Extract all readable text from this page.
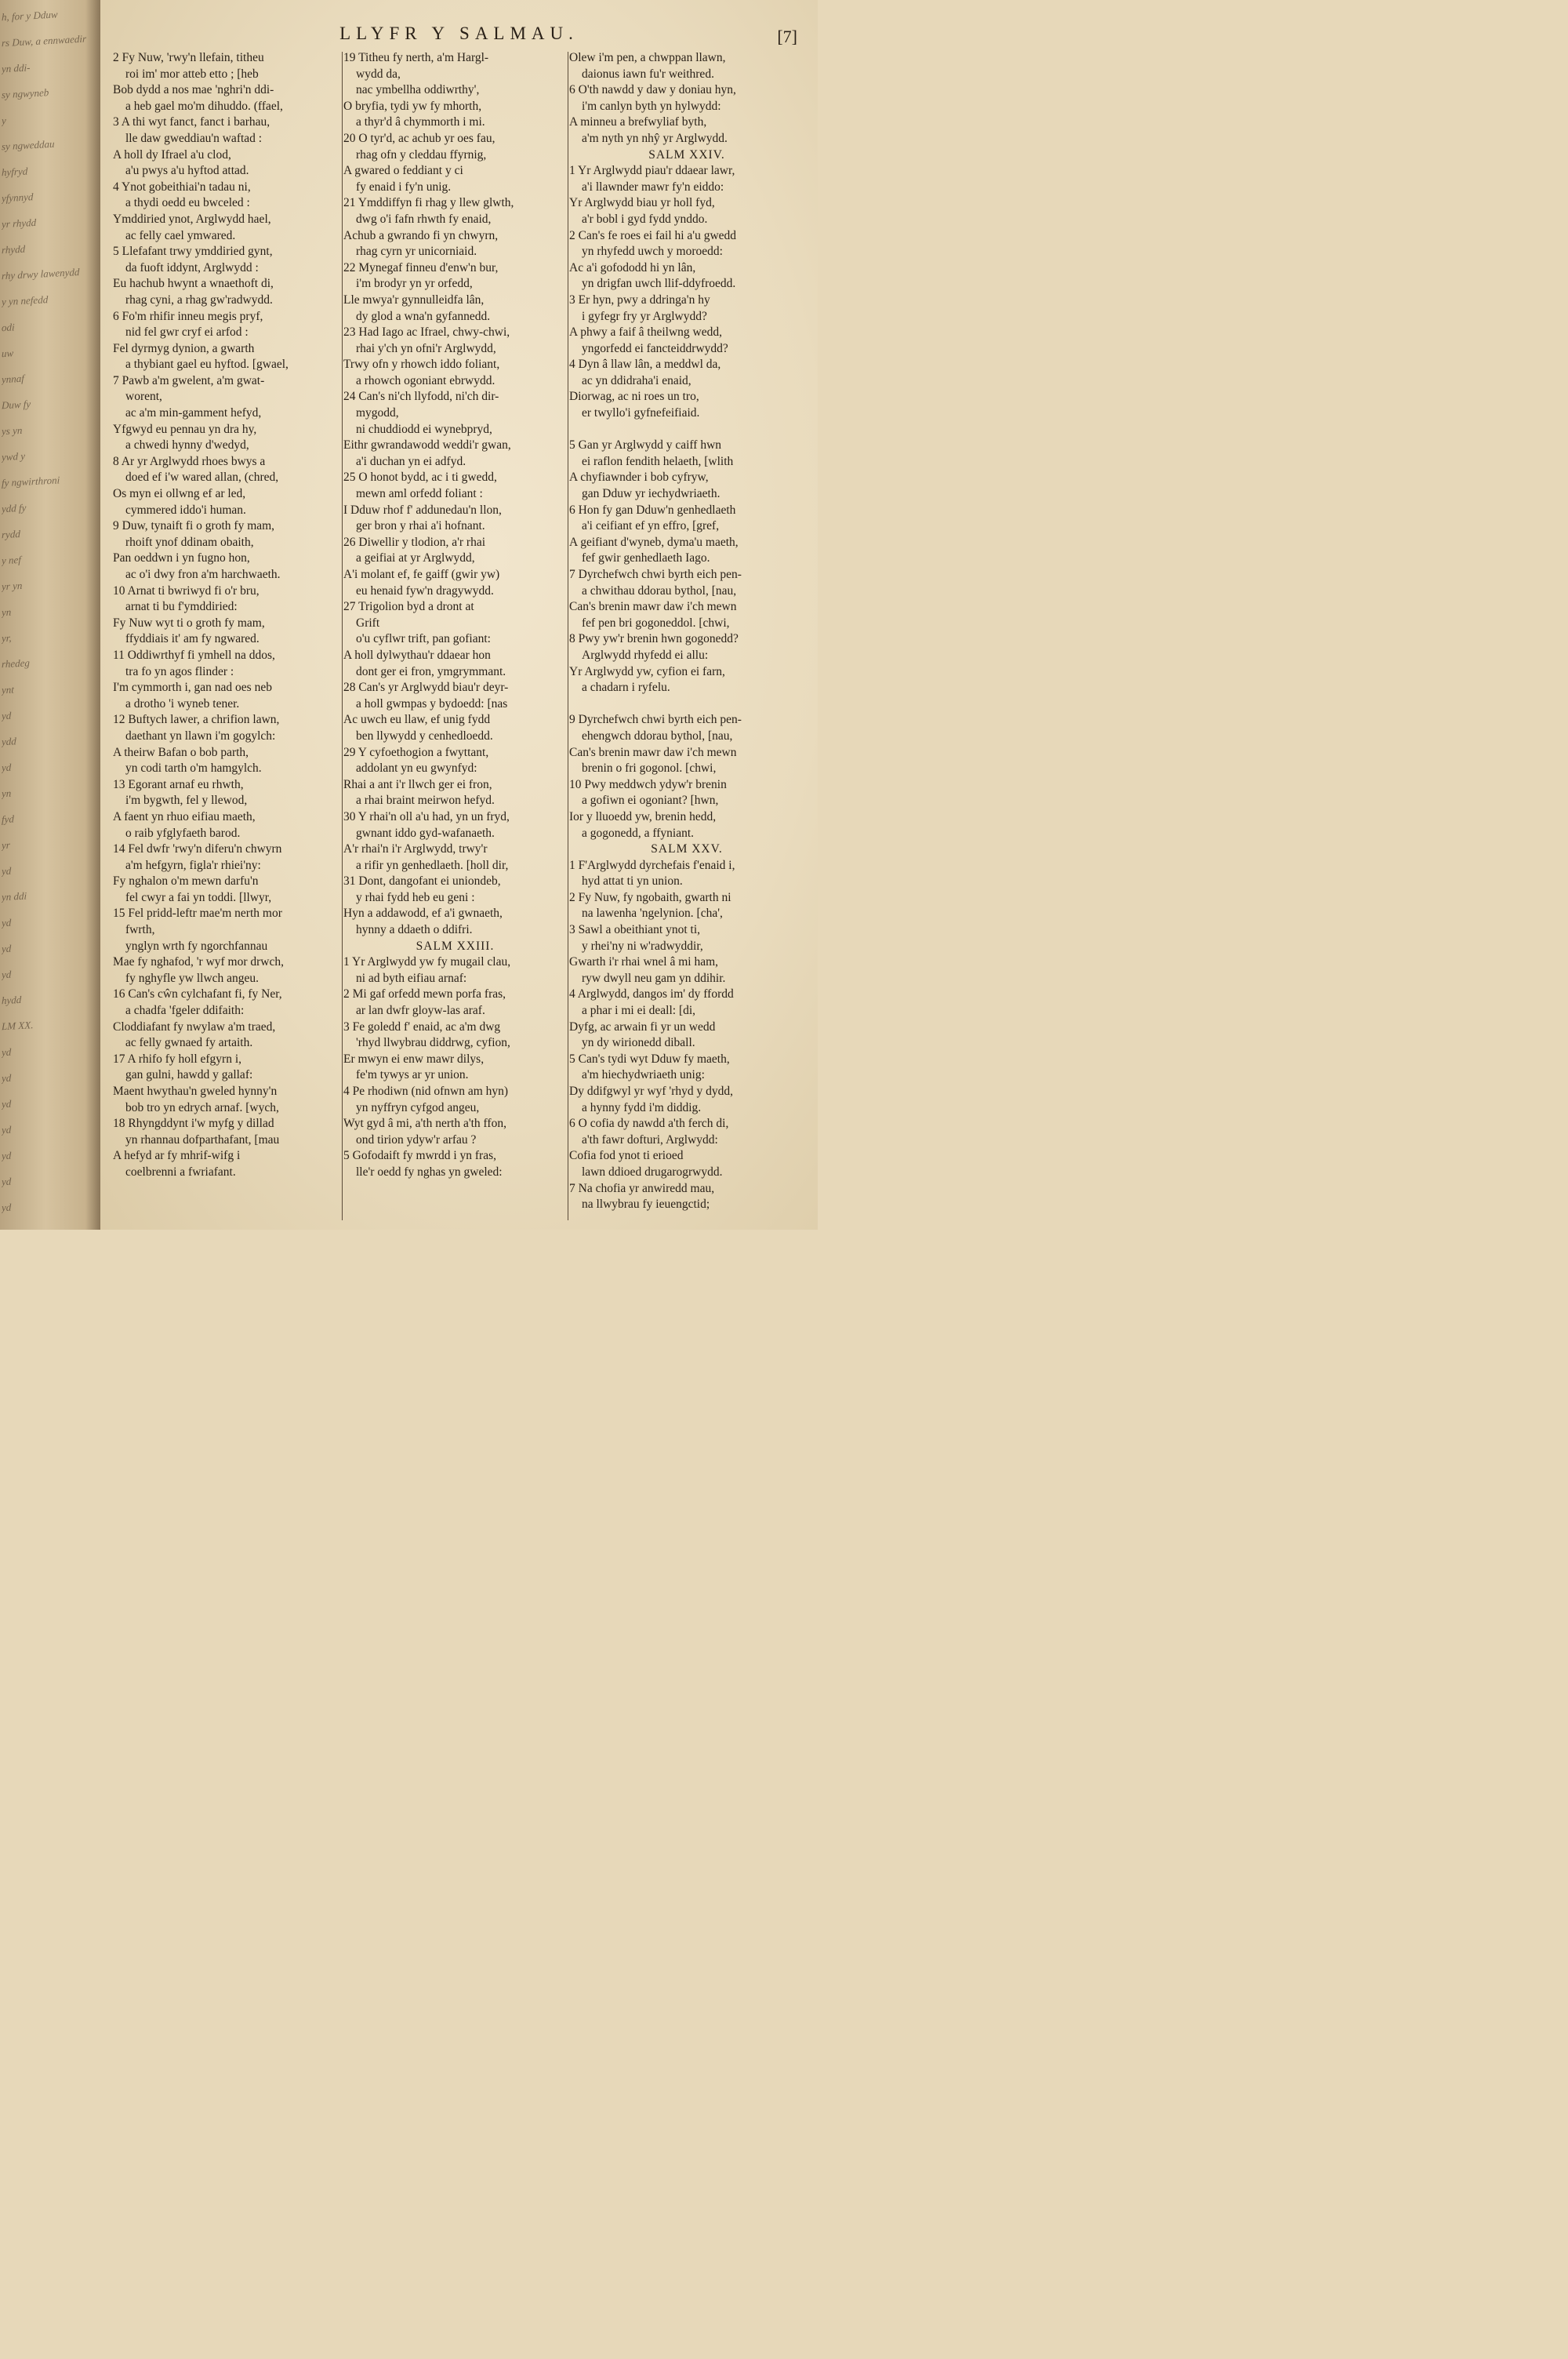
h, for y Dduw
rs Duw, a ennwaedir
yn ddi-
sy ngwyneb
y
sy ngweddau
hyfryd
yfynnyd
yr rhydd
rhydd
rhy drwy lawenydd
y yn nefedd
odi
uw
ynnaf
Duw fy
ys yn
ywd y
fy ngwirthroni
ydd fy
rydd
y nef
yr yn
yn
yr,
rhedeg
ynt
yd
ydd
yd
yn
fyd
yr
yd
yn ddi
yd
yd
yd
hydd
LM XX.
yd
yd
yd
yd
yd
yd
yd
LLYFR Y SALMAU.	[7]
2 Fy Nuw, 'rwy'n llefain, titheu
roi im' mor atteb etto ; [heb
Bob dydd a nos mae 'nghri'n ddi-
a heb gael mo'm dihuddo. (ffael,
3 A thi wyt fanct, fanct i barhau,
lle daw gweddiau'n waftad :
A holl dy Ifrael a'u clod,
a'u pwys a'u hyftod attad.
4 Ynot gobeithiai'n tadau ni,
a thydi oedd eu bwceled :
Ymddiried ynot, Arglwydd hael,
ac felly cael ymwared.
5 Llefafant trwy ymddiried gynt,
da fuoft iddynt, Arglwydd :
Eu hachub hwynt a wnaethoft di,
rhag cyni, a rhag gw'radwydd.
6 Fo'm rhifir inneu megis pryf,
nid fel gwr cryf ei arfod :
Fel dyrmyg dynion, a gwarth
a thybiant gael eu hyftod. [gwael,
7 Pawb a'm gwelent, a'm gwat-
worent,
ac a'm min-gamment hefyd,
Yfgwyd eu pennau yn dra hy,
a chwedi hynny d'wedyd,
8 Ar yr Arglwydd rhoes bwys a
doed ef i'w wared allan, (chred,
Os myn ei ollwng ef ar led,
cymmered iddo'i human.
9 Duw, tynaift fi o groth fy mam,
rhoift ynof ddinam obaith,
Pan oeddwn i yn fugno hon,
ac o'i dwy fron a'm harchwaeth.
10 Arnat ti bwriwyd fi o'r bru,
arnat ti bu f'ymddiried:
Fy Nuw wyt ti o groth fy mam,
ffyddiais it' am fy ngwared.
11 Oddiwrthyf fi ymhell na ddos,
tra fo yn agos flinder :
I'm cymmorth i, gan nad oes neb
a drotho 'i wyneb tener.
12 Buftych lawer, a chrifion lawn,
daethant yn llawn i'm gogylch:
A theirw Bafan o bob parth,
yn codi tarth o'm hamgylch.
13 Egorant arnaf eu rhwth,
i'm bygwth, fel y llewod,
A faent yn rhuo eifiau maeth,
o raib yfglyfaeth barod.
14 Fel dwfr 'rwy'n diferu'n chwyrn
a'm hefgyrn, figla'r rhiei'ny:
Fy nghalon o'm mewn darfu'n
fel cwyr a fai yn toddi. [llwyr,
15 Fel pridd-leftr mae'm nerth mor
fwrth,
ynglyn wrth fy ngorchfannau
Mae fy nghafod, 'r wyf mor drwch,
fy nghyfle yw llwch angeu.
16 Can's cŵn cylchafant fi, fy Ner,
a chadfa 'fgeler ddifaith:
Cloddiafant fy nwylaw a'm traed,
ac felly gwnaed fy artaith.
17 A rhifo fy holl efgyrn i,
gan gulni, hawdd y gallaf:
Maent hwythau'n gweled hynny'n
bob tro yn edrych arnaf. [wych,
18 Rhyngddynt i'w myfg y dillad
yn rhannau dofparthafant, [mau
A hefyd ar fy mhrif-wifg i
coelbrenni a fwriafant.
19 Titheu fy nerth, a'm Hargl-
wydd da,
nac ymbellha oddiwrthy',
O bryfia, tydi yw fy mhorth,
a thyr'd â chymmorth i mi.
20 O tyr'd, ac achub yr oes fau,
rhag ofn y cleddau ffyrnig,
A gwared o feddiant y ci
fy enaid i fy'n unig.
21 Ymddiffyn fi rhag y llew glwth,
dwg o'i fafn rhwth fy enaid,
Achub a gwrando fi yn chwyrn,
rhag cyrn yr unicorniaid.
22 Mynegaf finneu d'enw'n bur,
i'm brodyr yn yr orfedd,
Lle mwya'r gynnulleidfa lân,
dy glod a wna'n gyfannedd.
23 Had Iago ac Ifrael, chwy-chwi,
rhai y'ch yn ofni'r Arglwydd,
Trwy ofn y rhowch iddo foliant,
a rhowch ogoniant ebrwydd.
24 Can's ni'ch llyfodd, ni'ch dir-
mygodd,
ni chuddiodd ei wynebpryd,
Eithr gwrandawodd weddi'r gwan,
a'i duchan yn ei adfyd.
25 O honot bydd, ac i ti gwedd,
mewn aml orfedd foliant :
I Dduw rhof f' addunedau'n llon,
ger bron y rhai a'i hofnant.
26 Diwellir y tlodion, a'r rhai
a geifiai at yr Arglwydd,
A'i molant ef, fe gaiff (gwir yw)
eu henaid fyw'n dragywydd.
27 Trigolion byd a dront at
Grift
o'u cyflwr trift, pan gofiant:
A holl dylwythau'r ddaear hon
dont ger ei fron, ymgrymmant.
28 Can's yr Arglwydd biau'r deyr-
a holl gwmpas y bydoedd: [nas
Ac uwch eu llaw, ef unig fydd
ben llywydd y cenhedloedd.
29 Y cyfoethogion a fwyttant,
addolant yn eu gwynfyd:
Rhai a ant i'r llwch ger ei fron,
a rhai braint meirwon hefyd.
30 Y rhai'n oll a'u had, yn un fryd,
gwnant iddo gyd-wafanaeth.
A'r rhai'n i'r Arglwydd, trwy'r
a rifir yn genhedlaeth. [holl dir,
31 Dont, dangofant ei uniondeb,
y rhai fydd heb eu geni :
Hyn a addawodd, ef a'i gwnaeth,
hynny a ddaeth o ddifri.
SALM XXIII.
1 Yr Arglwydd yw fy mugail clau,
ni ad byth eifiau arnaf:
2 Mi gaf orfedd mewn porfa fras,
ar lan dwfr gloyw-las araf.
3 Fe goledd f' enaid, ac a'm dwg
'rhyd llwybrau diddrwg, cyfion,
Er mwyn ei enw mawr dilys,
fe'm tywys ar yr union.
4 Pe rhodiwn (nid ofnwn am hyn)
yn nyffryn cyfgod angeu,
Wyt gyd â mi, a'th nerth a'th ffon,
ond tirion ydyw'r arfau ?
5 Gofodaift fy mwrdd i yn fras,
lle'r oedd fy nghas yn gweled:
Olew i'm pen, a chwppan llawn,
daionus iawn fu'r weithred.
6 O'th nawdd y daw y doniau hyn,
i'm canlyn byth yn hylwydd:
A minneu a brefwyliaf byth,
a'm nyth yn nhŷ yr Arglwydd.
SALM XXIV.
1 Yr Arglwydd piau'r ddaear lawr,
a'i llawnder mawr fy'n eiddo:
Yr Arglwydd biau yr holl fyd,
a'r bobl i gyd fydd ynddo.
2 Can's fe roes ei fail hi a'u gwedd
yn rhyfedd uwch y moroedd:
Ac a'i gofododd hi yn lân,
yn drigfan uwch llif-ddyfroedd.
3 Er hyn, pwy a ddringa'n hy
i gyfegr fry yr Arglwydd?
A phwy a faif â theilwng wedd,
yngorfedd ei fancteiddrwydd?
4 Dyn â llaw lân, a meddwl da,
ac yn ddidraha'i enaid,
Diorwag, ac ni roes un tro,
er twyllo'i gyfnefeifiaid.

5 Gan yr Arglwydd y caiff hwn
ei raflon fendith helaeth, [wlith
A chyfiawnder i bob cyfryw,
gan Dduw yr iechydwriaeth.
6 Hon fy gan Dduw'n genhedlaeth
a'i ceifiant ef yn effro, [gref,
A geifiant d'wyneb, dyma'u maeth,
fef gwir genhedlaeth Iago.
7 Dyrchefwch chwi byrth eich pen-
a chwithau ddorau bythol, [nau,
Can's brenin mawr daw i'ch mewn
fef pen bri gogoneddol. [chwi,
8 Pwy yw'r brenin hwn gogonedd?
Arglwydd rhyfedd ei allu:
Yr Arglwydd yw, cyfion ei farn,
a chadarn i ryfelu.

9 Dyrchefwch chwi byrth eich pen-
ehengwch ddorau bythol, [nau,
Can's brenin mawr daw i'ch mewn
brenin o fri gogonol. [chwi,
10 Pwy meddwch ydyw'r brenin
a gofiwn ei ogoniant? [hwn,
Ior y lluoedd yw, brenin hedd,
a gogonedd, a ffyniant.
SALM XXV.
1 F'Arglwydd dyrchefais f'enaid i,
hyd attat ti yn union.
2 Fy Nuw, fy ngobaith, gwarth ni
na lawenha 'ngelynion. [cha',
3 Sawl a obeithiant ynot ti,
y rhei'ny ni w'radwyddir,
Gwarth i'r rhai wnel â mi ham,
ryw dwyll neu gam yn ddihir.
4 Arglwydd, dangos im' dy ffordd
a phar i mi ei deall: [di,
Dyfg, ac arwain fi yr un wedd
yn dy wirionedd diball.
5 Can's tydi wyt Dduw fy maeth,
a'm hiechydwriaeth unig:
Dy ddifgwyl yr wyf 'rhyd y dydd,
a hynny fydd i'm diddig.
6 O cofia dy nawdd a'th ferch di,
a'th fawr dofturi, Arglwydd:
Cofia fod ynot ti erioed
lawn ddioed drugarogrwydd.
7 Na chofia yr anwiredd mau,
na llwybrau fy ieuengctid;
